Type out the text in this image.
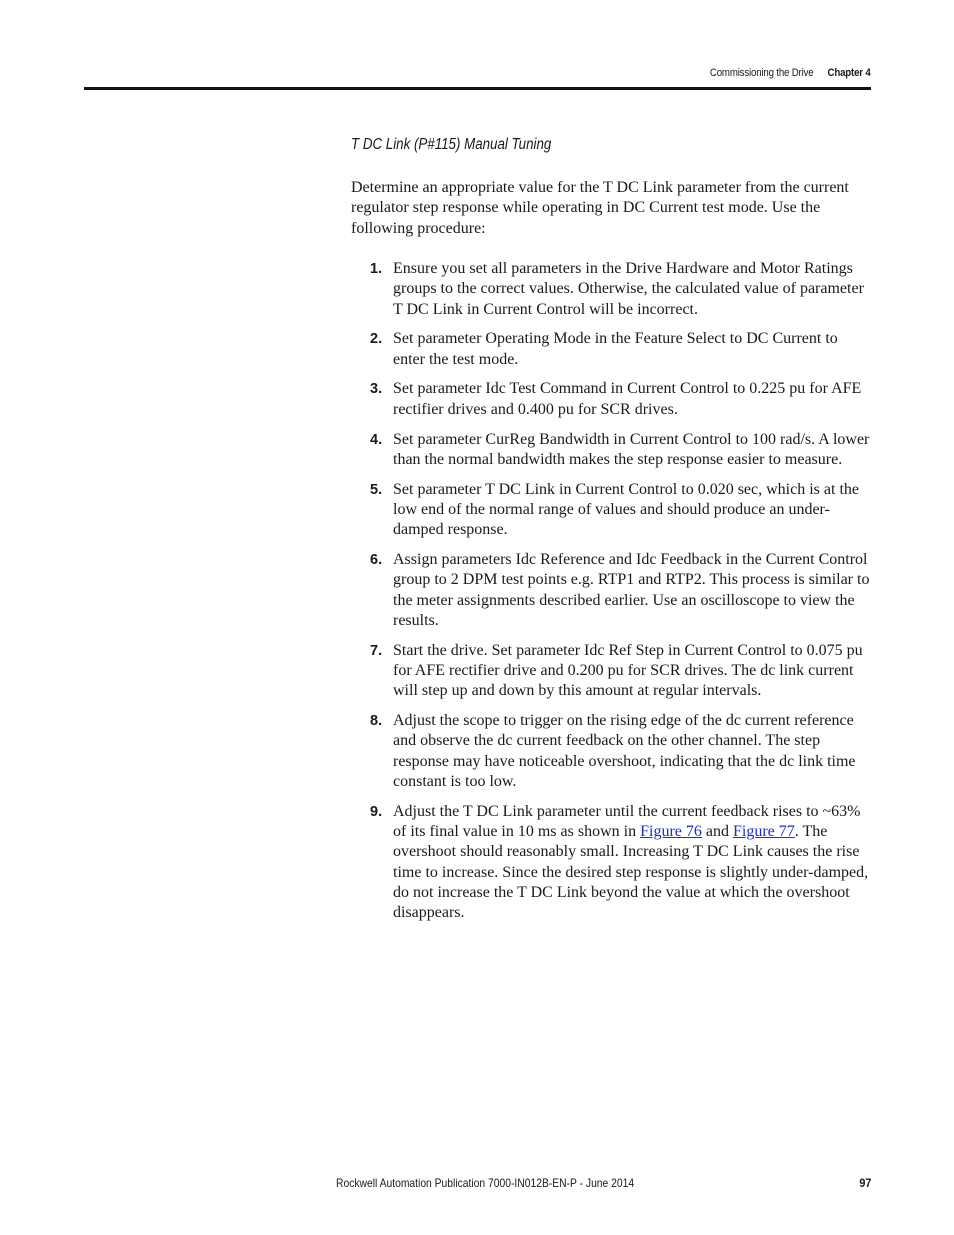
Commissioning the Drive Chapter 4
T DC Link (P#115) Manual Tuning

Determine an appropriate value for the T DC Link parameter from the current regulator step response while operating in DC Current test mode. Use the following procedure:

1. Ensure you set all parameters in the Drive Hardware and Motor Ratings groups to the correct values. Otherwise, the calculated value of parameter T DC Link in Current Control will be incorrect.
2. Set parameter Operating Mode in the Feature Select to DC Current to enter the test mode.
3. Set parameter Idc Test Command in Current Control to 0.225 pu for AFE rectifier drives and 0.400 pu for SCR drives.
4. Set parameter CurReg Bandwidth in Current Control to 100 rad/s. A lower than the normal bandwidth makes the step response easier to measure.
5. Set parameter T DC Link in Current Control to 0.020 sec, which is at the low end of the normal range of values and should produce an under-damped response.
6. Assign parameters Idc Reference and Idc Feedback in the Current Control group to 2 DPM test points e.g. RTP1 and RTP2. This process is similar to the meter assignments described earlier. Use an oscilloscope to view the results.
7. Start the drive. Set parameter Idc Ref Step in Current Control to 0.075 pu for AFE rectifier drive and 0.200 pu for SCR drives. The dc link current will step up and down by this amount at regular intervals.
8. Adjust the scope to trigger on the rising edge of the dc current reference and observe the dc current feedback on the other channel. The step response may have noticeable overshoot, indicating that the dc link time constant is too low.
9. Adjust the T DC Link parameter until the current feedback rises to ~63% of its final value in 10 ms as shown in Figure 76 and Figure 77. The overshoot should reasonably small. Increasing T DC Link causes the rise time to increase. Since the desired step response is slightly under-damped, do not increase the T DC Link beyond the value at which the overshoot disappears.
Rockwell Automation Publication 7000-IN012B-EN-P - June 2014	97
